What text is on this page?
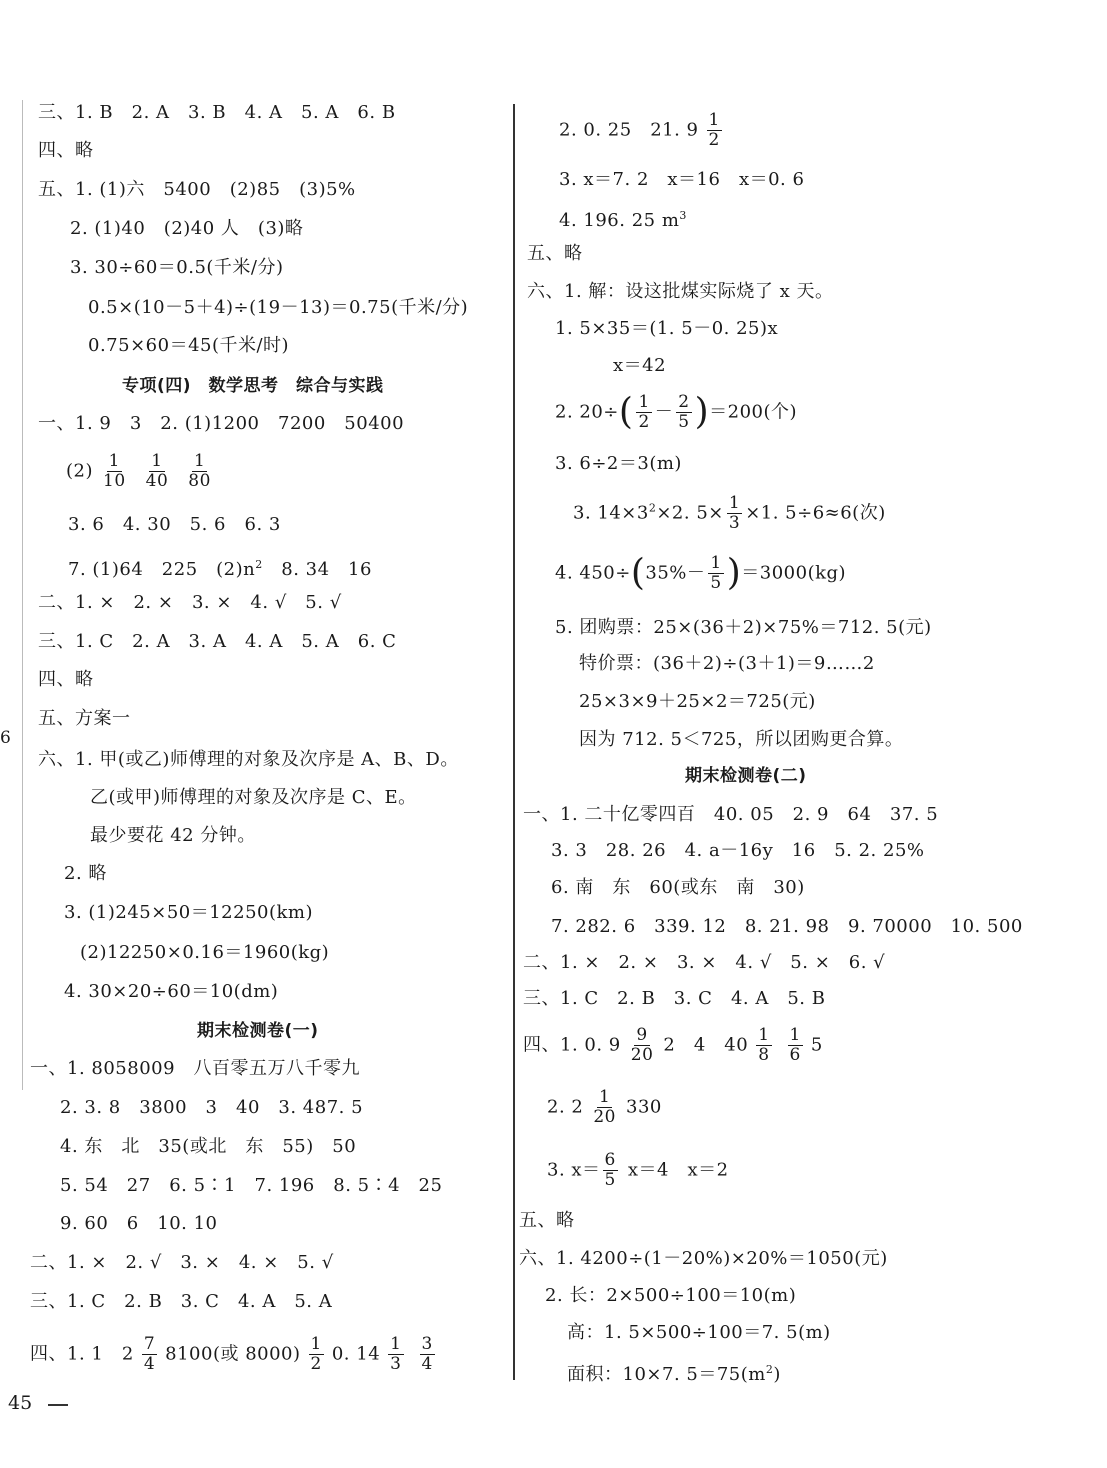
6
三、1. B　2. A　3. B　4. A　5. A　6. B
四、略
五、1. (1)六　5400　(2)85　(3)5%
2. (1)40　(2)40 人　(3)略
3. 30÷60＝0.5(千米/分)
0.5×(10－5＋4)÷(19－13)＝0.75(千米/分)
0.75×60＝45(千米/时)
专项(四)　数学思考　综合与实践
一、1. 9　3　2. (1)1200　7200　50400
$(2) \frac{1}{10} \frac{1}{40} \frac{1}{80}$
3. 6　4. 30　5. 6　6. 3
7. (1)64　225　$(2)n^2$　8. 34　16
二、1. ×　2. ×　3. ×　4. √　5. √
三、1. C　2. A　3. A　4. A　5. A　6. C
四、略
五、方案一
六、1. 甲(或乙)师傅理的对象及次序是 A、B、D。
乙(或甲)师傅理的对象及次序是 C、E。
最少要花 42 分钟。
2. 略
3. (1)245×50＝12250(km)
(2)12250×0.16＝1960(kg)
4. 30×20÷60＝10(dm)
期末检测卷(一)
一、1. 8058009　八百零五万八千零九
2. 3. 8　3800　3　40　3. 487. 5
4. 东　北　35(或北　东　55)　50
5. 54　27　6. 5∶1　7. 196　8. 5∶4　25
9. 60　6　10. 10
二、1. ×　2. √　3. ×　4. ×　5. √
三、1. C　2. B　3. C　4. A　5. A
四、1. 1　$2 \frac{7}{4} 8100$(或 $8000) \frac{1}{2} 0$. $14 \frac{1}{3} \frac{3}{4}$
2. 0. 25　21. $9 \frac{1}{2}$
3. x＝7. 2　x＝16　x＝0. 6
4. 196. 25 $m^3$
五、略
六、1. 解：设这批煤实际烧了 x 天。
1. 5×35＝(1. 5－0. 25)x
x＝42
2. $20\div( \frac{1}{2} - \frac{2}{5} )=200$(个)
3. 6÷2＝3(m)
3. $14\times 3^2\times 2$. $5\times \frac{1}{3} \times 1$. 5÷6≈6(次)
4. $450\div(35\%- \frac{1}{5} )=3000(kg)$
5. 团购票：25×(36＋2)×75%＝712. 5(元)
特价票：(36＋2)÷(3＋1)＝9……2
25×3×9＋25×2＝725(元)
因为 712. 5＜725，所以团购更合算。
期末检测卷(二)
一、1. 二十亿零四百　40. 05　2. 9　64　37. 5
3. 3　28. 26　4. a－16y　16　5. 2. 25%
6. 南　东　60(或东　南　30)
7. 282. 6　339. 12　8. 21. 98　9. 70000　10. 500
二、1. ×　2. ×　3. ×　4. √　5. ×　6. √
三、1. C　2. B　3. C　4. A　5. B
四、1. 0. $9 \frac{9}{20} 2$　4　$40 \frac{1}{8} \frac{1}{6} 5$
2. $2 \frac{1}{20} 330$
3. $x= \frac{6}{5} x=4$　x＝2
五、略
六、1. 4200÷(1－20%)×20%＝1050(元)
2. 长：2×500÷100＝10(m)
高：1. 5×500÷100＝7. 5(m)
面积：10×7. $5=75(m^2)$
45
